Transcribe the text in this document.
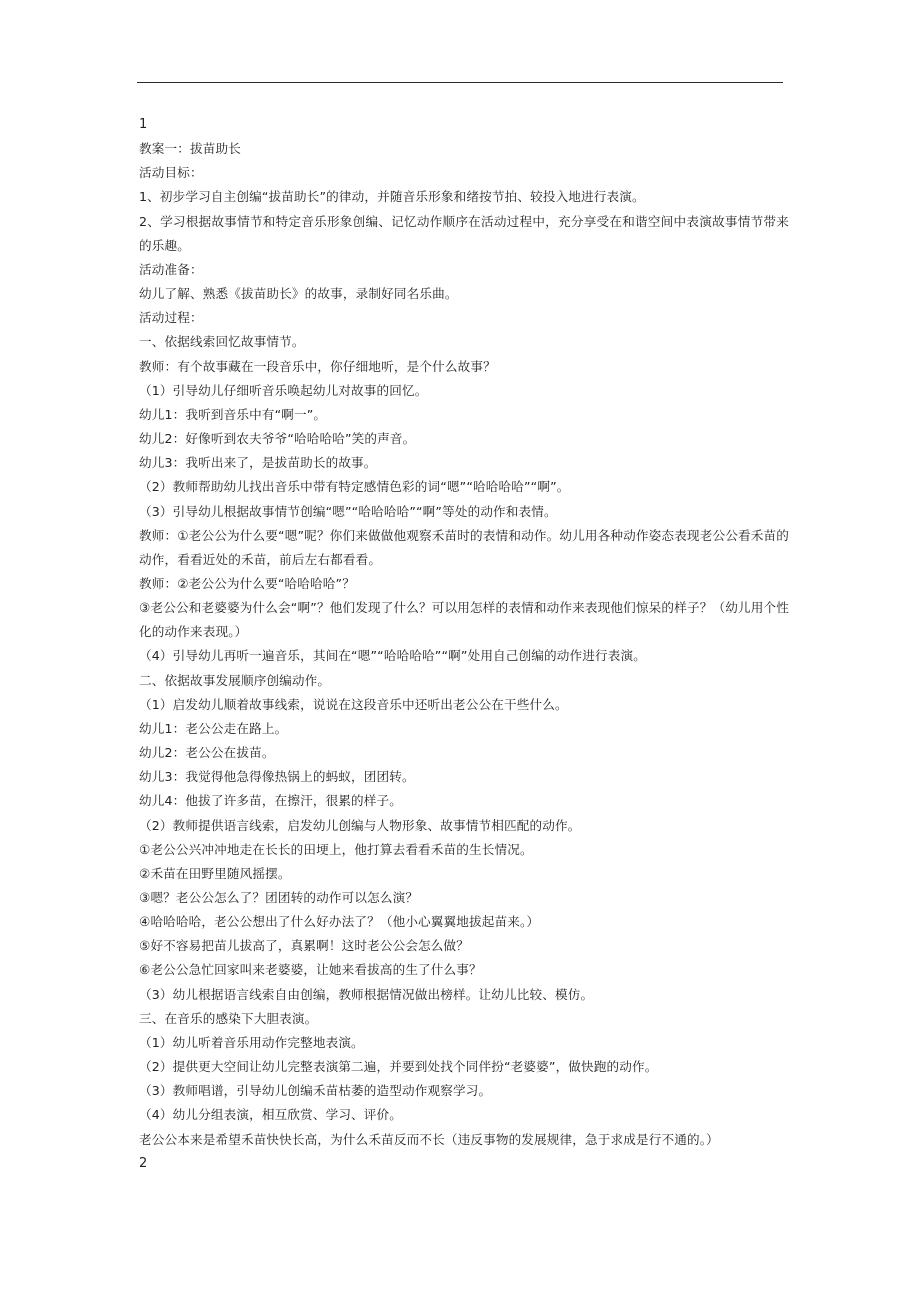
1
教案一：拔苗助长
活动目标：
1、初步学习自主创编“拔苗助长”的律动，并随音乐形象和绪按节拍、较投入地进行表演。
2、学习根据故事情节和特定音乐形象创编、记忆动作顺序在活动过程中，充分享受在和谐空间中表演故事情节带来的乐趣。
活动准备：
幼儿了解、熟悉《拔苗助长》的故事，录制好同名乐曲。
活动过程：
一、依据线索回忆故事情节。
教师：有个故事藏在一段音乐中，你仔细地听，是个什么故事？
（1）引导幼儿仔细听音乐唤起幼儿对故事的回忆。
幼儿1：我听到音乐中有“啊一”。
幼儿2：好像听到农夫爷爷“哈哈哈哈”笑的声音。
幼儿3：我听出来了，是拔苗助长的故事。
（2）教师帮助幼儿找出音乐中带有特定感情色彩的词“嗯”“哈哈哈哈”“啊”。
（3）引导幼儿根据故事情节创编“嗯”“哈哈哈哈”“啊”等处的动作和表情。
教师：①老公公为什么要“嗯”呢？你们来做做他观察禾苗时的表情和动作。幼儿用各种动作姿态表现老公公看禾苗的动作，看看近处的禾苗，前后左右都看看。
教师：②老公公为什么要“哈哈哈哈”？
③老公公和老婆婆为什么会“啊”？他们发现了什么？可以用怎样的表情和动作来表现他们惊呆的样子？（幼儿用个性化的动作来表现。）
（4）引导幼儿再听一遍音乐，其间在“嗯”“哈哈哈哈”“啊”处用自己创编的动作进行表演。
二、依据故事发展顺序创编动作。
（1）启发幼儿顺着故事线索，说说在这段音乐中还听出老公公在干些什么。
幼儿1：老公公走在路上。
幼儿2：老公公在拔苗。
幼儿3：我觉得他急得像热锅上的蚂蚁，团团转。
幼儿4：他拔了许多苗，在擦汗，很累的样子。
（2）教师提供语言线索，启发幼儿创编与人物形象、故事情节相匹配的动作。
①老公公兴冲冲地走在长长的田埂上，他打算去看看禾苗的生长情况。
②禾苗在田野里随风摇摆。
③嗯？老公公怎么了？团团转的动作可以怎么演？
④哈哈哈哈，老公公想出了什么好办法了？（他小心翼翼地拔起苗来。）
⑤好不容易把苗儿拔高了，真累啊！这时老公公会怎么做？
⑥老公公急忙回家叫来老婆婆，让她来看拔高的生了什么事？
（3）幼儿根据语言线索自由创编，教师根据情况做出榜样。让幼儿比较、模仿。
三、在音乐的感染下大胆表演。
（1）幼儿听着音乐用动作完整地表演。
（2）提供更大空间让幼儿完整表演第二遍，并要到处找个同伴扮“老婆婆”，做快跑的动作。
（3）教师唱谱，引导幼儿创编禾苗枯萎的造型动作观察学习。
（4）幼儿分组表演，相互欣赏、学习、评价。
老公公本来是希望禾苗快快长高，为什么禾苗反而不长（违反事物的发展规律，急于求成是行不通的。）
2
